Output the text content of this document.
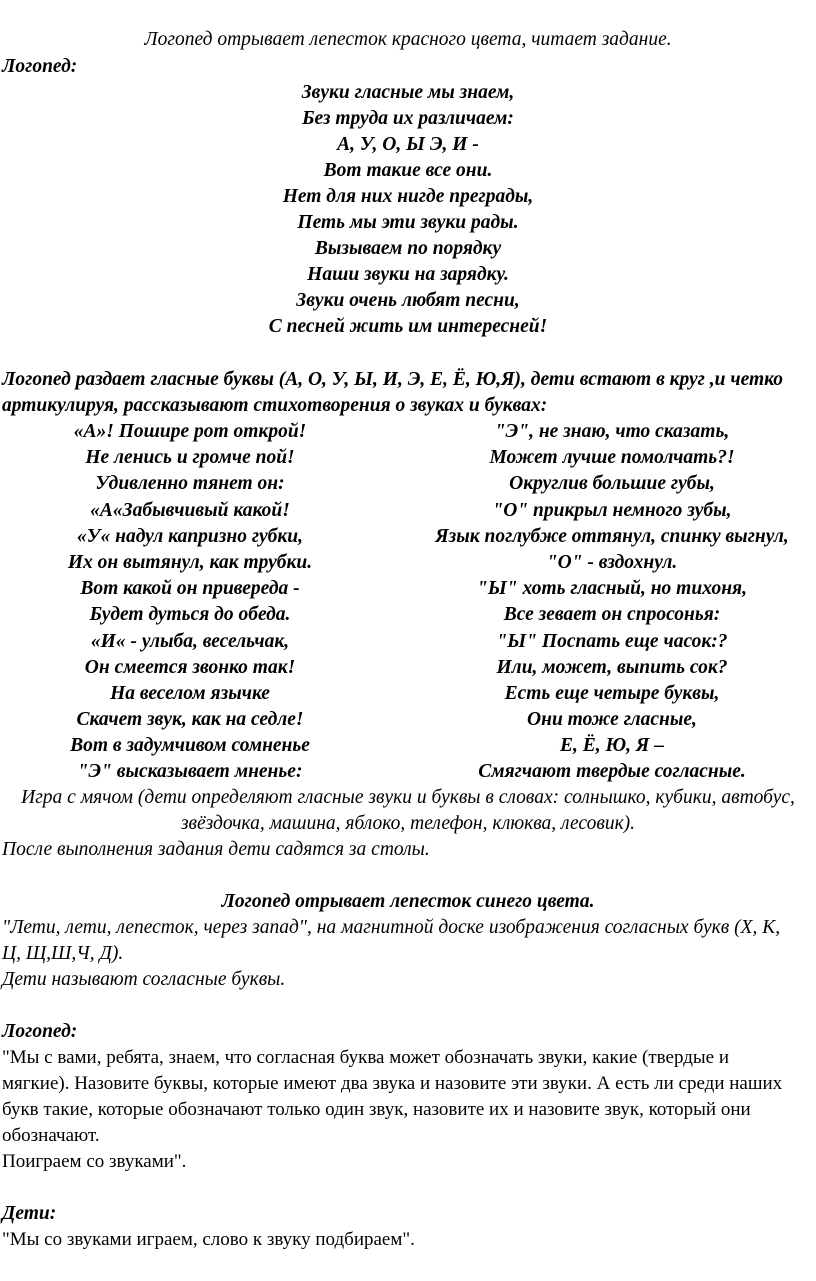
Логопед отрывает лепесток красного цвета, читает задание.
Логопед:
Звуки гласные мы знаем,
Без труда их различаем:
А, У, О, Ы Э, И -
Вот такие все они.
Нет для них нигде преграды,
Петь мы эти звуки рады.
Вызываем по порядку
Наши звуки на зарядку.
Звуки очень любят песни,
С песней жить им интересней!
Логопед раздает гласные буквы (А, О, У, Ы, И, Э, Е, Ё, Ю,Я), дети встают в круг ,и четко
артикулируя, рассказывают стихотворения о звуках и буквах:
«А»! Пошире рот открой!
Не ленись и громче пой!
Удивленно тянет он:
«А«Забывчивый какой!
«У« надул капризно губки,
Их он вытянул, как трубки.
Вот какой он привереда -
Будет дуться до обеда.
«И« - улыба, весельчак,
Он смеется звонко так!
На веселом язычке
Скачет звук, как на седле!
Вот в задумчивом сомненье
"Э" высказывает мненье:
"Э", не знаю, что сказать,
Может лучше помолчать?!
Округлив большие губы,
"О" прикрыл немного зубы,
Язык поглубже оттянул, спинку выгнул,
"О" - вздохнул.
"Ы" хоть гласный, но тихоня,
Все зевает он спросонья:
"Ы" Поспать еще часок:?
Или, может, выпить сок?
Есть еще четыре буквы,
Они тоже гласные,
Е, Ё, Ю, Я –
Смягчают твердые согласные.
Игра с мячом (дети определяют гласные звуки и буквы в словах: солнышко, кубики, автобус,
звёздочка, машина, яблоко, телефон, клюква, лесовик).
После выполнения задания дети садятся за столы.
Логопед отрывает лепесток синего цвета.
"Лети, лети, лепесток, через запад", на магнитной доске изображения согласных букв (Х, К,
Ц, Щ,Ш,Ч, Д).
Дети называют согласные буквы.
Логопед:
"Мы с вами, ребята, знаем, что согласная буква может обозначать звуки, какие (твердые и
мягкие). Назовите буквы, которые имеют два звука и назовите эти звуки. А есть ли среди наших
букв такие, которые обозначают только один звук, назовите их и назовите звук, который они
обозначают.
Поиграем со звуками".
Дети:
"Мы со звуками играем, слово к звуку подбираем".
